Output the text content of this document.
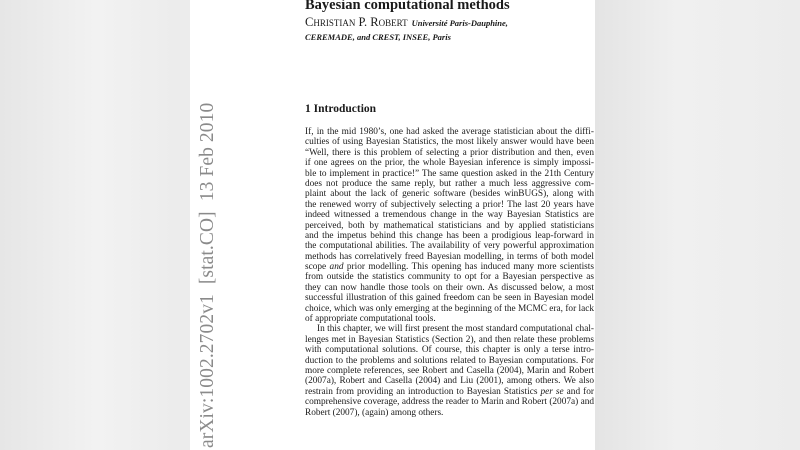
arXiv:1002.2702v1  [stat.CO]  13 Feb 2010
Bayesian computational methods
Christian P. Robert Université Paris-Dauphine,
CEREMADE, and CREST, INSEE, Paris
1 Introduction
If, in the mid 1980’s, one had asked the average statistician about the diffi-
culties of using Bayesian Statistics, the most likely answer would have been
“Well, there is this problem of selecting a prior distribution and then, even
if one agrees on the prior, the whole Bayesian inference is simply impossi-
ble to implement in practice!” The same question asked in the 21th Century
does not produce the same reply, but rather a much less aggressive com-
plaint about the lack of generic software (besides winBUGS), along with
the renewed worry of subjectively selecting a prior! The last 20 years have
indeed witnessed a tremendous change in the way Bayesian Statistics are
perceived, both by mathematical statisticians and by applied statisticians
and the impetus behind this change has been a prodigious leap-forward in
the computational abilities. The availability of very powerful approximation
methods has correlatively freed Bayesian modelling, in terms of both model
scope and prior modelling. This opening has induced many more scientists
from outside the statistics community to opt for a Bayesian perspective as
they can now handle those tools on their own. As discussed below, a most
successful illustration of this gained freedom can be seen in Bayesian model
choice, which was only emerging at the beginning of the MCMC era, for lack
of appropriate computational tools.
In this chapter, we will first present the most standard computational chal-
lenges met in Bayesian Statistics (Section 2), and then relate these problems
with computational solutions. Of course, this chapter is only a terse intro-
duction to the problems and solutions related to Bayesian computations. For
more complete references, see Robert and Casella (2004), Marin and Robert
(2007a), Robert and Casella (2004) and Liu (2001), among others. We also
restrain from providing an introduction to Bayesian Statistics per se and for
comprehensive coverage, address the reader to Marin and Robert (2007a) and
Robert (2007), (again) among others.
